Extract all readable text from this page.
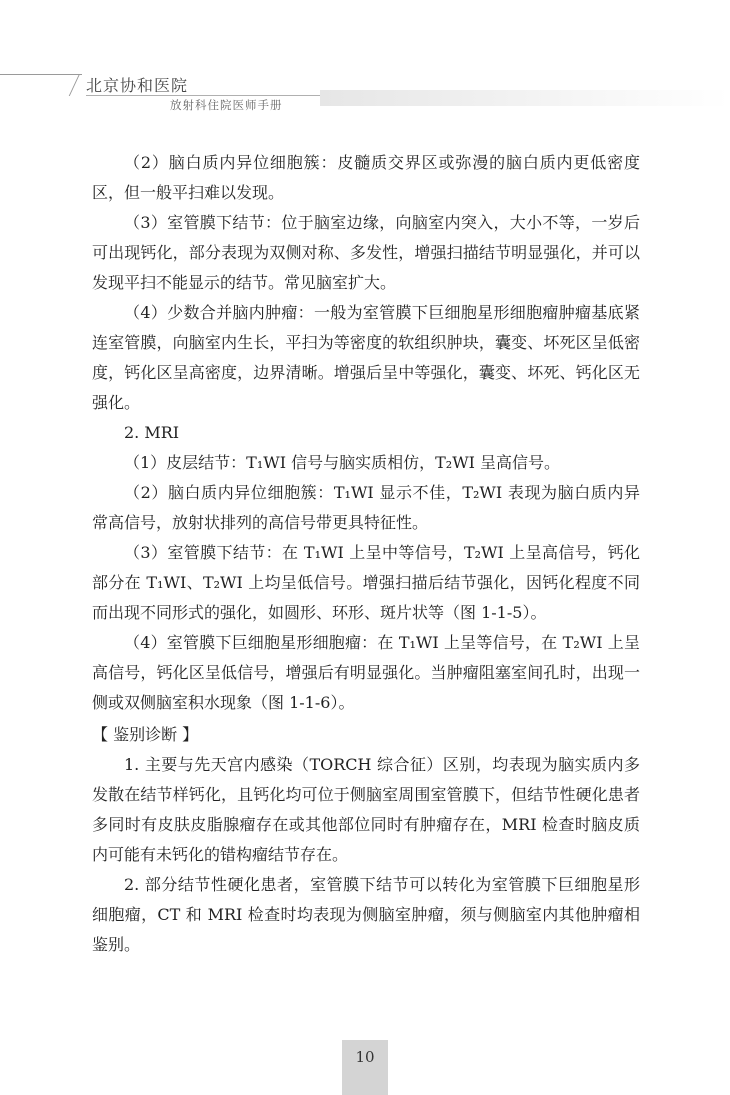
北京协和医院
放射科住院医师手册

（2）脑白质内异位细胞簇：皮髓质交界区或弥漫的脑白质内更低密度区，但一般平扫难以发现。

（3）室管膜下结节：位于脑室边缘，向脑室内突入，大小不等，一岁后可出现钙化，部分表现为双侧对称、多发性，增强扫描结节明显强化，并可以发现平扫不能显示的结节。常见脑室扩大。

（4）少数合并脑内肿瘤：一般为室管膜下巨细胞星形细胞瘤肿瘤基底紧连室管膜，向脑室内生长，平扫为等密度的软组织肿块，囊变、坏死区呈低密度，钙化区呈高密度，边界清晰。增强后呈中等强化，囊变、坏死、钙化区无强化。

2. MRI

（1）皮层结节：T₁WI 信号与脑实质相仿，T₂WI 呈高信号。

（2）脑白质内异位细胞簇：T₁WI 显示不佳，T₂WI 表现为脑白质内异常高信号，放射状排列的高信号带更具特征性。

（3）室管膜下结节：在 T₁WI 上呈中等信号，T₂WI 上呈高信号，钙化部分在 T₁WI、T₂WI 上均呈低信号。增强扫描后结节强化，因钙化程度不同而出现不同形式的强化，如圆形、环形、斑片状等（图 1-1-5）。

（4）室管膜下巨细胞星形细胞瘤：在 T₁WI 上呈等信号，在 T₂WI 上呈高信号，钙化区呈低信号，增强后有明显强化。当肿瘤阻塞室间孔时，出现一侧或双侧脑室积水现象（图 1-1-6）。

【 鉴别诊断 】

1. 主要与先天宫内感染（TORCH 综合征）区别，均表现为脑实质内多发散在结节样钙化，且钙化均可位于侧脑室周围室管膜下，但结节性硬化患者多同时有皮肤皮脂腺瘤存在或其他部位同时有肿瘤存在，MRI 检查时脑皮质内可能有未钙化的错构瘤结节存在。

2. 部分结节性硬化患者，室管膜下结节可以转化为室管膜下巨细胞星形细胞瘤，CT 和 MRI 检查时均表现为侧脑室肿瘤，须与侧脑室内其他肿瘤相鉴别。

10
